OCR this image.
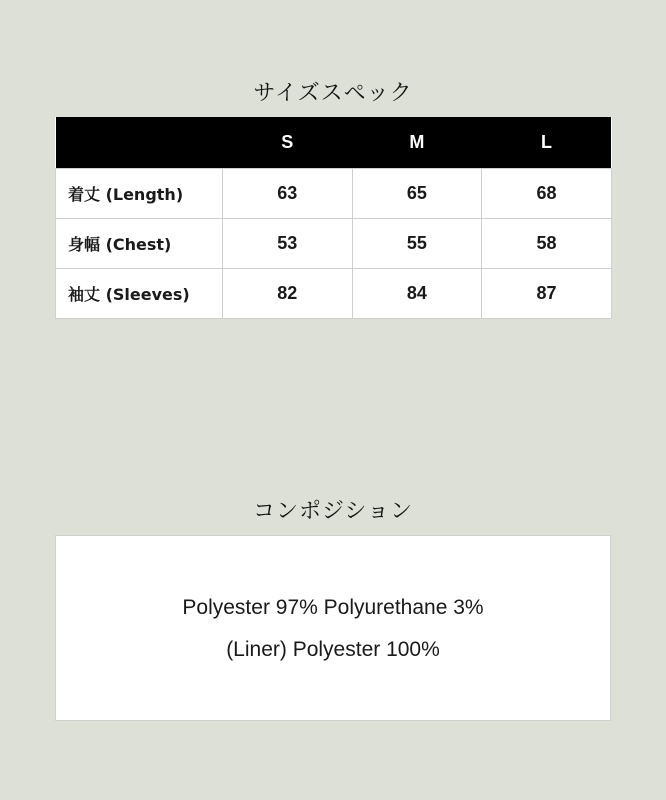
サイズスペック
	S	M	L
着丈 (Length)	63	65	68
身幅 (Chest)	53	55	58
袖丈 (Sleeves)	82	84	87
コンポジション
Polyester 97% Polyurethane 3%
(Liner) Polyester 100%
